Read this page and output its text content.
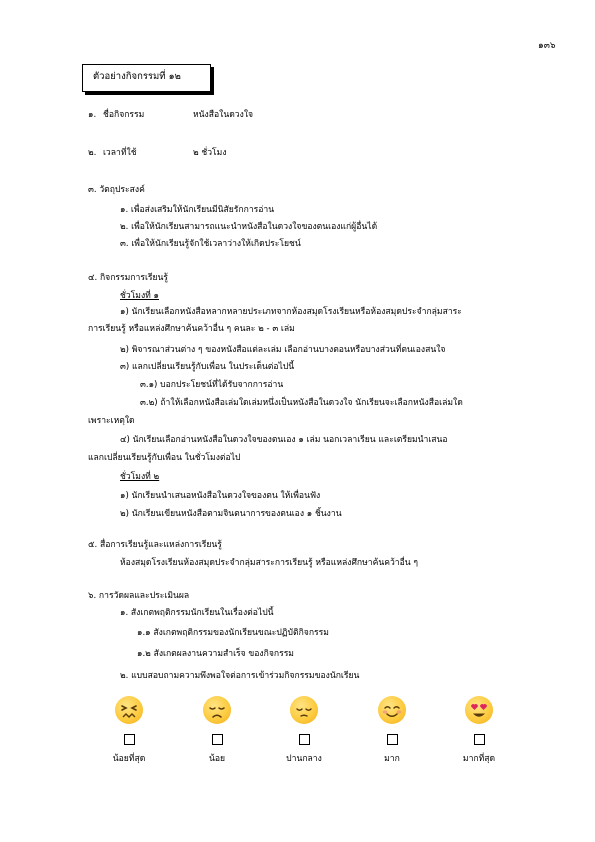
๑๓๖
ตัวอย่างกิจกรรมที่ ๑๒
๑. ชื่อกิจกรรม	หนังสือในดวงใจ
๒. เวลาที่ใช้	๒ ชั่วโมง
๓. วัตถุประสงค์
๑. เพื่อส่งเสริมให้นักเรียนมีนิสัยรักการอ่าน
๒. เพื่อให้นักเรียนสามารถแนะนำหนังสือในดวงใจของตนเองแก่ผู้อื่นได้
๓. เพื่อให้นักเรียนรู้จักใช้เวลาว่างให้เกิดประโยชน์
๔. กิจกรรมการเรียนรู้
ชั่วโมงที่ ๑
๑) นักเรียนเลือกหนังสือหลากหลายประเภทจากห้องสมุดโรงเรียนหรือห้องสมุดประจำกลุ่มสาระ
การเรียนรู้ หรือแหล่งศึกษาค้นคว้าอื่น ๆ คนละ ๒ - ๓ เล่ม
๒) พิจารณาส่วนต่าง ๆ ของหนังสือแต่ละเล่ม เลือกอ่านบางตอนหรือบางส่วนที่ตนเองสนใจ
๓) แลกเปลี่ยนเรียนรู้กับเพื่อน ในประเด็นต่อไปนี้
๓.๑) บอกประโยชน์ที่ได้รับจากการอ่าน
๓.๒) ถ้าให้เลือกหนังสือเล่มใดเล่มหนึ่งเป็นหนังสือในดวงใจ นักเรียนจะเลือกหนังสือเล่มใด
เพราะเหตุใด
๔) นักเรียนเลือกอ่านหนังสือในดวงใจของตนเอง ๑ เล่ม นอกเวลาเรียน และเตรียมนำเสนอ
แลกเปลี่ยนเรียนรู้กับเพื่อน ในชั่วโมงต่อไป
ชั่วโมงที่ ๒
๑) นักเรียนนำเสนอหนังสือในดวงใจของตน ให้เพื่อนฟัง
๒) นักเรียนเขียนหนังสือตามจินตนาการของตนเอง ๑ ชิ้นงาน
๕. สื่อการเรียนรู้และแหล่งการเรียนรู้
ห้องสมุดโรงเรียนห้องสมุดประจำกลุ่มสาระการเรียนรู้ หรือแหล่งศึกษาค้นคว้าอื่น ๆ
๖. การวัดผลและประเมินผล
๑. สังเกตพฤติกรรมนักเรียนในเรื่องต่อไปนี้
๑.๑ สังเกตพฤติกรรมของนักเรียนขณะปฏิบัติกิจกรรม
๑.๒ สังเกตผลงานความสำเร็จ ของกิจกรรม
๒. แบบสอบถามความพึงพอใจต่อการเข้าร่วมกิจกรรมของนักเรียน
น้อยที่สุด	น้อย	ปานกลาง	มาก	มากที่สุด
